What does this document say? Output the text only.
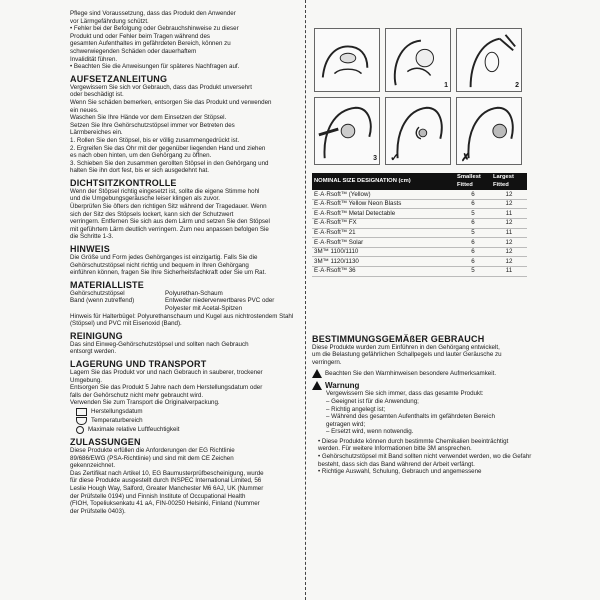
Pflege sind Voraussetzung, dass das Produkt den Anwender

vor Lärmgefährdung schützt.

• Fehler bei der Befolgung oder Gebrauchshinweise zu dieser

Produkt und oder Fehler beim Tragen während des

gesamten Aufenthaltes im gefährdeten Bereich, können zu

schwerwiegenden Schäden oder dauerhaftem

Invalidität führen.

• Beachten Sie die Anweisungen für späteres Nachfragen auf.

AUFSETZANLEITUNG

Vergewissern Sie sich vor Gebrauch, dass das Produkt unversehrt

oder beschädigt ist.

Wenn Sie schäden bemerken, entsorgen Sie das Produkt und verwenden

ein neues.

Waschen Sie Ihre Hände vor dem Einsetzen der Stöpsel.

Setzen Sie Ihre Gehörschutzstöpsel immer vor Betreten des

Lärmbereiches ein.

1. Rollen Sie den Stöpsel, bis er völlig zusammengedrückt ist.

2. Ergreifen Sie das Ohr mit der gegenüber liegenden Hand und ziehen

es nach oben hinten, um den Gehörgang zu öffnen.

3. Schieben Sie den zusammen gerollten Stöpsel in den Gehörgang und

halten Sie ihn dort fest, bis er sich ausgedehnt hat.

DICHTSITZKONTROLLE

Wenn der Stöpsel richtig eingesetzt ist, sollte die eigene Stimme hohl

und die Umgebungsgeräusche leiser klingen als zuvor.

Überprüfen Sie öfters den richtigen Sitz während der Tragedauer. Wenn

sich der Sitz des Stöpsels lockert, kann sich der Schutzwert

verringern. Entfernen Sie sich aus dem Lärm und setzen Sie den Stöpsel

mit geführtem Lärm deutlich verringern. Zum neu anpassen befolgen Sie

die Schritte 1-3.

HINWEIS

Die Größe und Form jedes Gehörganges ist einzigartig. Falls Sie die

Gehörschutzstöpsel nicht richtig und bequem in Ihren Gehörgang

einführen können, fragen Sie Ihre Sicherheitsfachkraft oder Sie um Rat.

MATERIALLISTE
Gehörschutzstöpsel	Polyurethan-Schaum
Band (wenn zutreffend)	Entweder niederverwertbares PVC oder
Polyester mit Acetal-Spitzen

Hinweis für Halterbügel: Polyurethanschaum und Kugel aus nichtrostendem Stahl

(Stöpsel) und PVC mit Eisenoxid (Band).

REINIGUNG

Das sind Einweg-Gehörschutzstöpsel und sollten nach Gebrauch

entsorgt werden.

LAGERUNG UND TRANSPORT

Lagern Sie das Produkt vor und nach Gebrauch in sauberer, trockener

Umgebung.

Entsorgen Sie das Produkt 5 Jahre nach dem Herstellungsdatum oder

falls der Gehörschutz nicht mehr gebraucht wird.

Verwenden Sie zum Transport die Originalverpackung.

Herstellungsdatum
Temperaturbereich
Maximale relative Luftfeuchtigkeit
ZULASSUNGEN

Diese Produkte erfüllen die Anforderungen der EG Richtlinie

89/686/EWG (PSA-Richtlinie) und sind mit dem CE Zeichen

gekennzeichnet.

Das Zertifikat nach Artikel 10, EG Baumusterprüfbescheinigung, wurde

für diese Produkte ausgestellt durch INSPEC International Limited, 56

Leslie Hough Way, Salford, Greater Manchester M6 6AJ, UK (Nummer

der Prüfstelle 0194) und Finnish Institute of Occupational Health

(FIOH, Topeliuksenkatu 41 aA, FIN-00250 Helsinki, Finland (Nummer

der Prüfstelle 0403).

1	2
3 ✓	✗
NOMINAL SIZE DESIGNATION (cm)	Smallest Fitted	Largest Fitted
E·A·Rsoft™ (Yellow)	6	12
E·A·Rsoft™ Yellow Neon Blasts	6	12
E·A·Rsoft™ Metal Detectable	5	11
E·A·Rsoft™ FX	6	12
E·A·Rsoft™ 21	5	11
E·A·Rsoft™ Solar	6	12
3M™ 1100/1110	6	12
3M™ 1120/1130	6	12
E·A·Rsoft™ 36	5	11
BESTIMMUNGSGEMÄßER GEBRAUCH

Diese Produkte wurden zum Einführen in den Gehörgang entwickelt,

um die Belastung gefährlichen Schallpegels und lauter Geräusche zu

verringern.

Beachten Sie den Warnhinweisen besondere Aufmerksamkeit.
Warnung

Vergewissern Sie sich immer, dass das gesamte Produkt:

– Geeignet ist für die Anwendung;

– Richtig angelegt ist;

– Während des gesamten Aufenthalts im gefährdeten Bereich

getragen wird;

– Ersetzt wird, wenn notwendig.

• Diese Produkte können durch bestimmte Chemikalien beeinträchtigt werden. Für weitere Informationen bitte 3M ansprechen.

• Gehörschutzstöpsel mit Band sollten nicht verwendet werden, wo die Gefahr besteht, dass sich das Band während der Arbeit verfängt.

• Richtige Auswahl, Schulung, Gebrauch und angemessene
